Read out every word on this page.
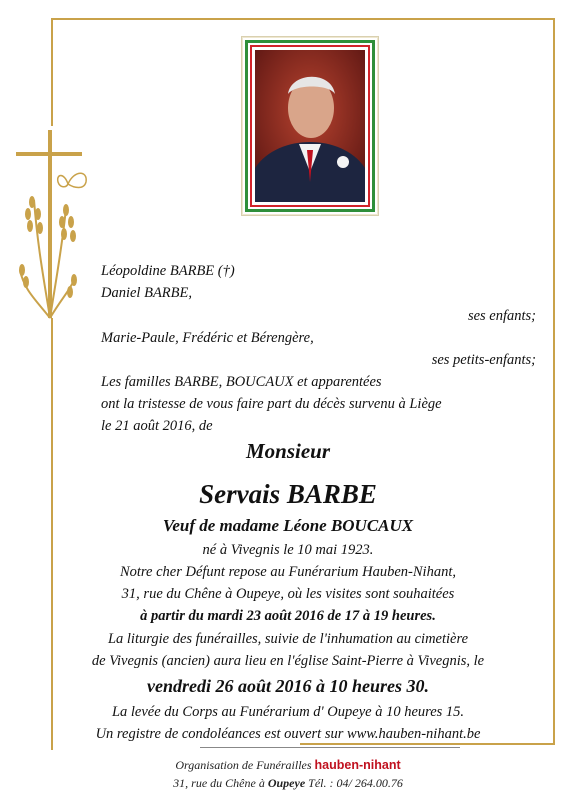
Léopoldine BARBE (†)
Daniel BARBE,
ses enfants;
Marie-Paule, Frédéric et Bérengère,
ses petits-enfants;
Les familles BARBE, BOUCAUX et apparentées
ont la tristesse de vous faire part du décès survenu à Liège
le 21 août 2016, de
Monsieur
Servais BARBE
Veuf de madame Léone BOUCAUX
né à Vivegnis le 10 mai 1923.
Notre cher Défunt repose au Funérarium Hauben-Nihant,
31, rue du Chêne à Oupeye, où les visites sont souhaitées
à partir du mardi 23 août 2016 de 17 à 19 heures.
La liturgie des funérailles, suivie de l'inhumation au cimetière
de Vivegnis (ancien) aura lieu en l'église Saint-Pierre à Vivegnis, le
vendredi 26 août 2016 à 10 heures 30.
La levée du Corps au Funérarium d' Oupeye à 10 heures 15.
Un registre de condoléances est ouvert sur www.hauben-nihant.be
Organisation de Funérailles hauben-nihant
31, rue du Chêne à Oupeye Tél. : 04/ 264.00.76
